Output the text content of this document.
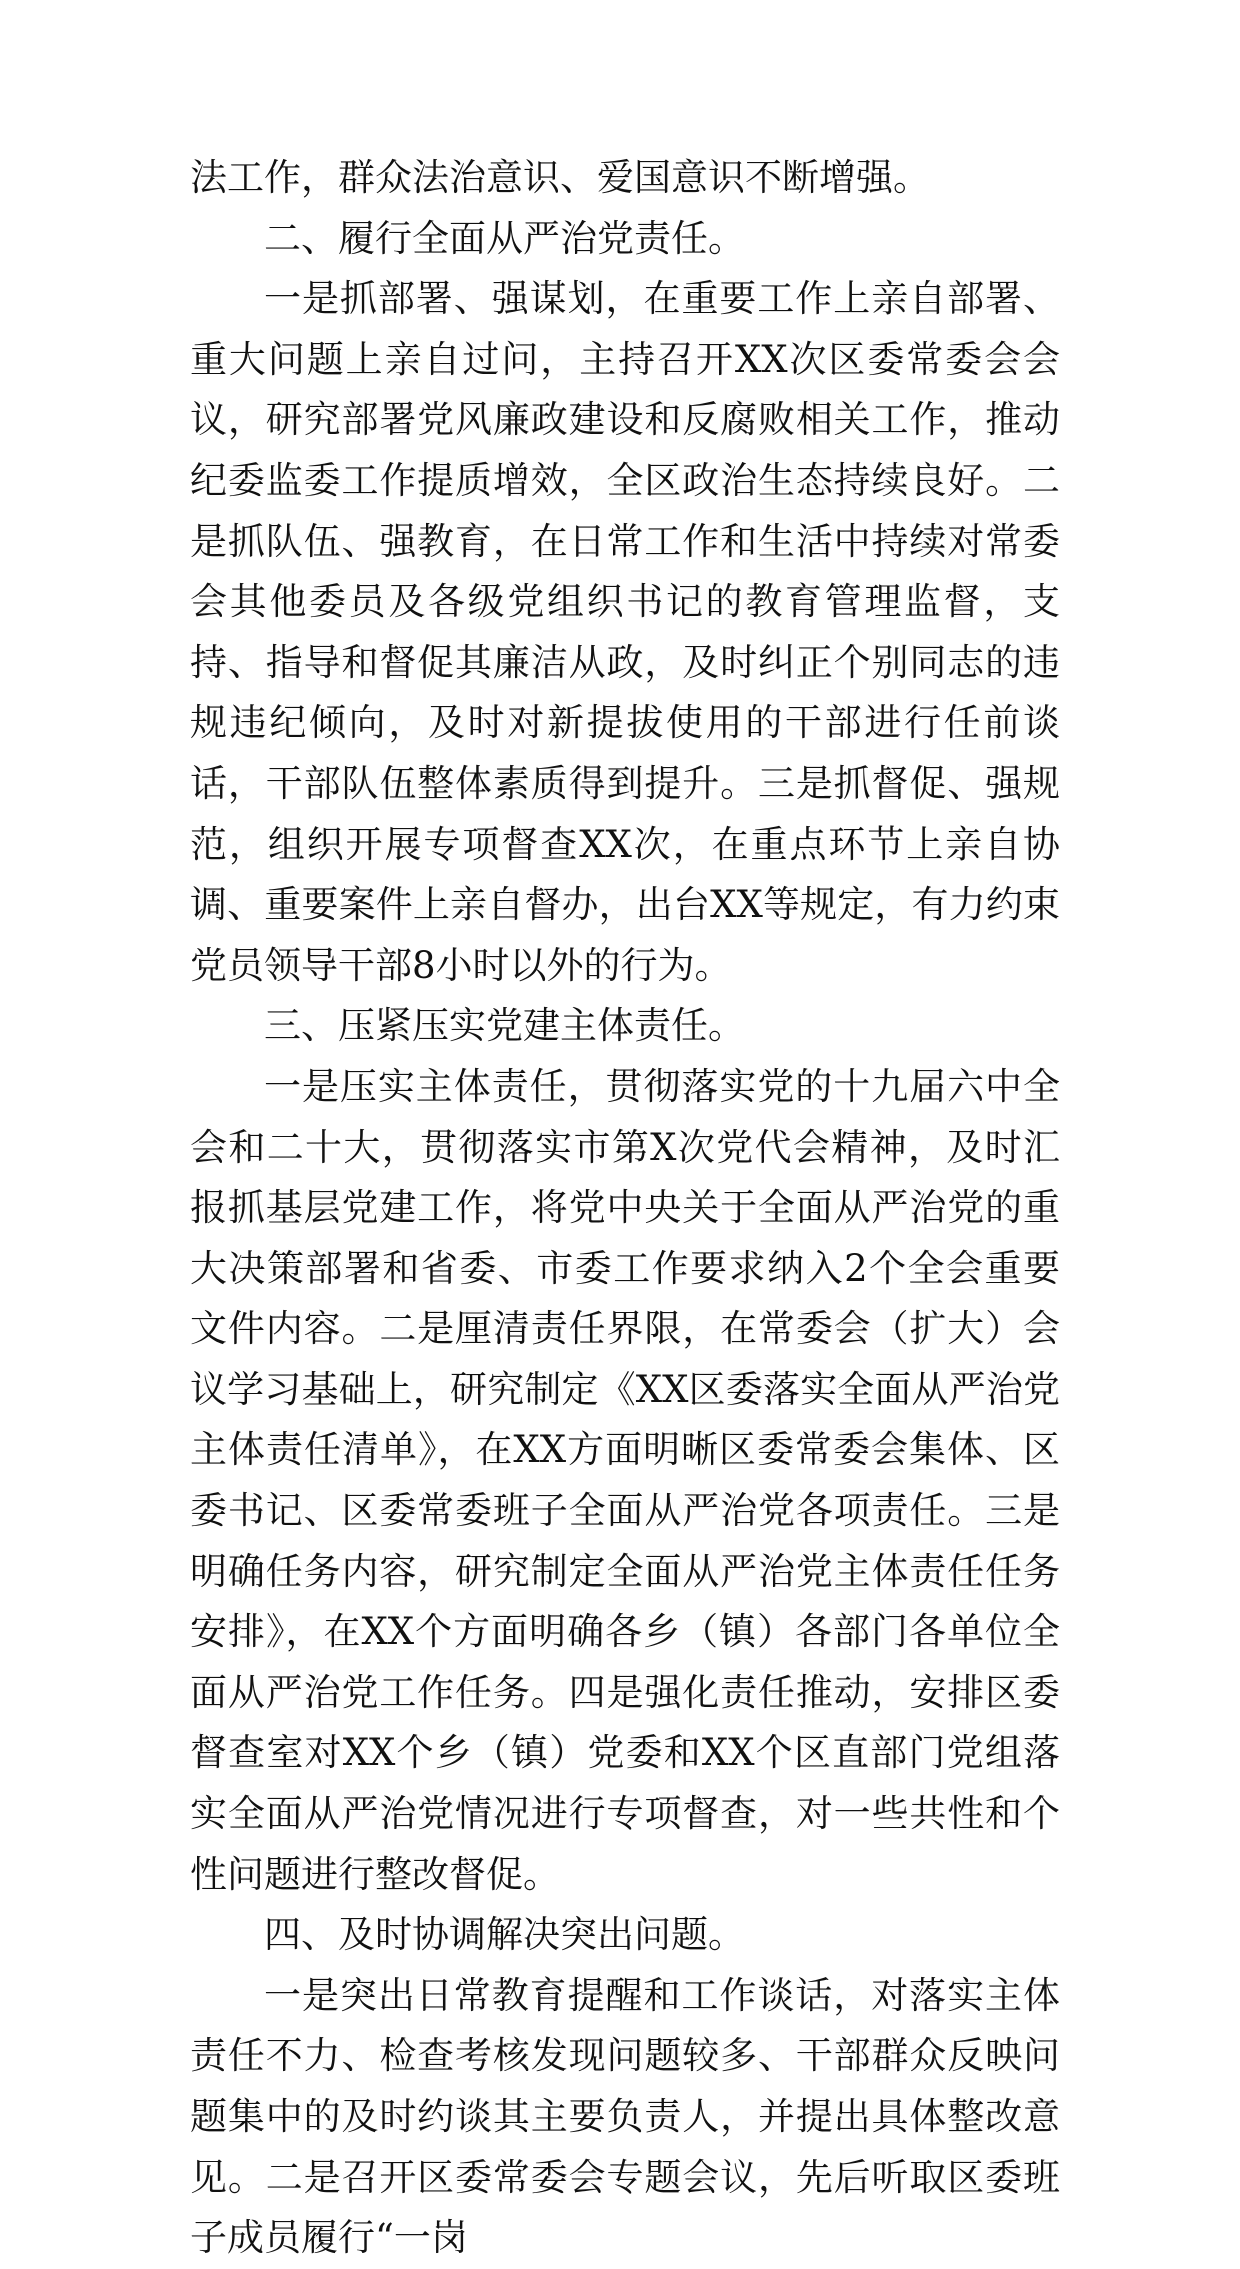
法工作，群众法治意识、爱国意识不断增强。

二、履行全面从严治党责任。

一是抓部署、强谋划，在重要工作上亲自部署、重大问题上亲自过问，主持召开XX次区委常委会会议，研究部署党风廉政建设和反腐败相关工作，推动纪委监委工作提质增效，全区政治生态持续良好。二是抓队伍、强教育，在日常工作和生活中持续对常委会其他委员及各级党组织书记的教育管理监督，支持、指导和督促其廉洁从政，及时纠正个别同志的违规违纪倾向，及时对新提拔使用的干部进行任前谈话，干部队伍整体素质得到提升。三是抓督促、强规范，组织开展专项督查XX次，在重点环节上亲自协调、重要案件上亲自督办，出台XX等规定，有力约束党员领导干部8小时以外的行为。

三、压紧压实党建主体责任。

一是压实主体责任，贯彻落实党的十九届六中全会和二十大，贯彻落实市第X次党代会精神，及时汇报抓基层党建工作，将党中央关于全面从严治党的重大决策部署和省委、市委工作要求纳入2个全会重要文件内容。二是厘清责任界限，在常委会（扩大）会议学习基础上，研究制定《XX区委落实全面从严治党主体责任清单》，在XX方面明晰区委常委会集体、区委书记、区委常委班子全面从严治党各项责任。三是明确任务内容，研究制定全面从严治党主体责任任务安排》，在XX个方面明确各乡（镇）各部门各单位全面从严治党工作任务。四是强化责任推动，安排区委督查室对XX个乡（镇）党委和XX个区直部门党组落实全面从严治党情况进行专项督查，对一些共性和个性问题进行整改督促。

四、及时协调解决突出问题。

一是突出日常教育提醒和工作谈话，对落实主体责任不力、检查考核发现问题较多、干部群众反映问题集中的及时约谈其主要负责人，并提出具体整改意见。二是召开区委常委会专题会议，先后听取区委班子成员履行“一岗
